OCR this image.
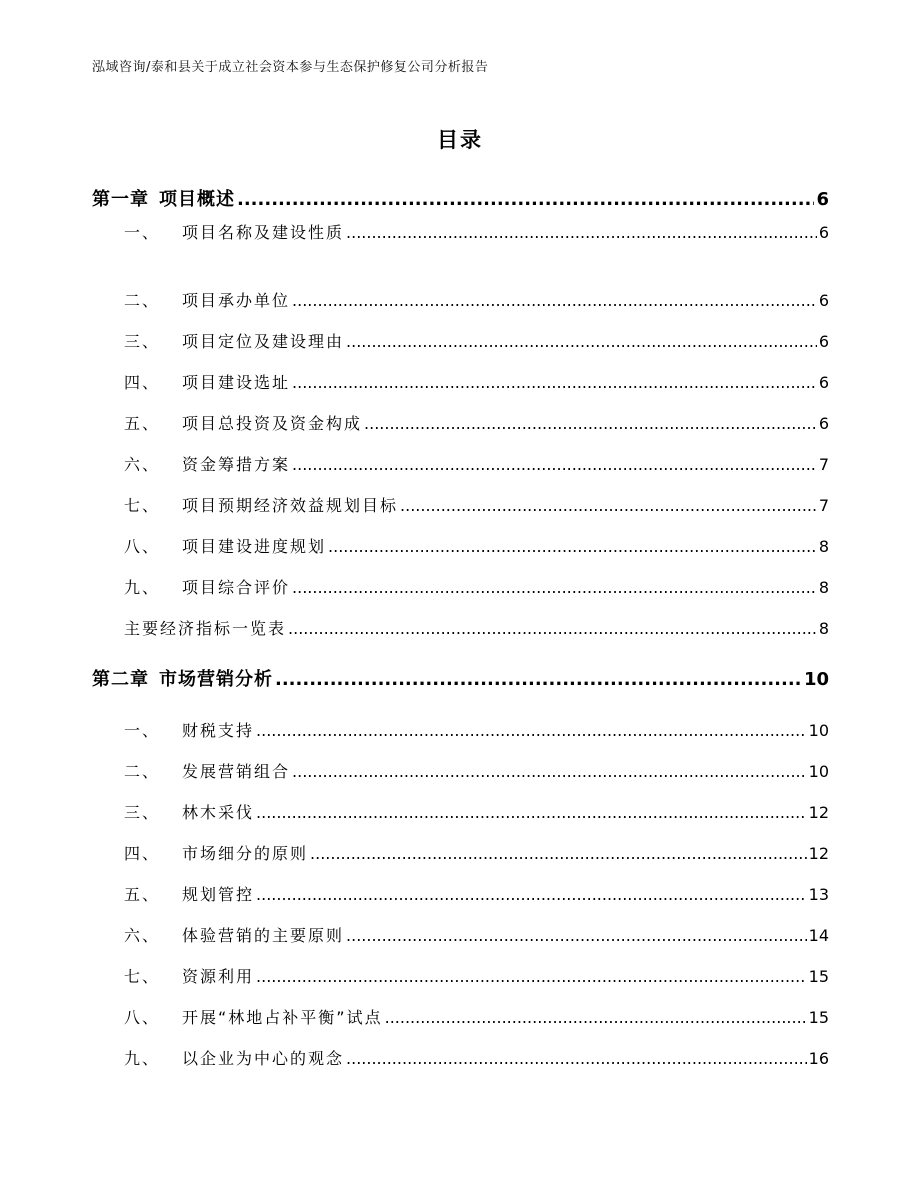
泓域咨询/泰和县关于成立社会资本参与生态保护修复公司分析报告
目录
第一章 项目概述 .....	6
一、 项目名称及建设性质 .....	6
二、 项目承办单位 .....	6
三、 项目定位及建设理由 .....	6
四、 项目建设选址 .....	6
五、 项目总投资及资金构成 .....	6
六、 资金筹措方案 .....	7
七、 项目预期经济效益规划目标 .....	7
八、 项目建设进度规划 .....	8
九、 项目综合评价 .....	8
主要经济指标一览表 .....	8
第二章 市场营销分析 .....	10
一、 财税支持 .....	10
二、 发展营销组合 .....	10
三、 林木采伐 .....	12
四、 市场细分的原则 .....	12
五、 规划管控 .....	13
六、 体验营销的主要原则 .....	14
七、 资源利用 .....	15
八、 开展“林地占补平衡”试点 .....	15
九、 以企业为中心的观念 .....	16
